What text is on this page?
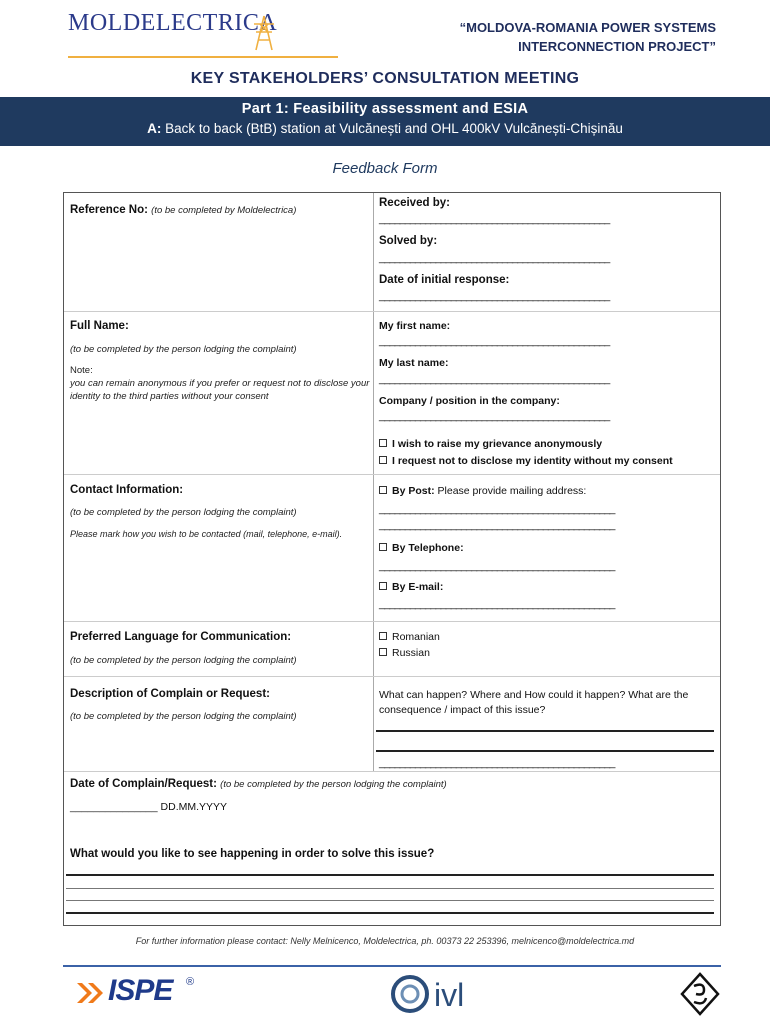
MOLDELECTRICA	“MOLDOVA-ROMANIA POWER SYSTEMS
INTERCONNECTION PROJECT”
KEY STAKEHOLDERS’ CONSULTATION MEETING
Part 1: Feasibility assessment and ESIA
A: Back to back (BtB) station at Vulcănești and OHL 400kV Vulcănești-Chișinău
Feedback Form
Reference No: (to be completed by Moldelectrica)
Received by:
_____________________________________________
Solved by:
_____________________________________________
Date of initial response:
_____________________________________________
Full Name:
(to be completed by the person lodging the complaint)
Note:
you can remain anonymous if you prefer or request not to disclose your identity to the third parties without your consent
My first name:
_____________________________________________
My last name:
_____________________________________________
Company / position in the company:
_____________________________________________
I wish to raise my grievance anonymously
I request not to disclose my identity without my consent
Contact Information:
(to be completed by the person lodging the complaint)
Please mark how you wish to be contacted (mail, telephone, e-mail).
By Post: Please provide mailing address:
______________________________________________
______________________________________________
By Telephone:
______________________________________________
By E-mail:
______________________________________________
Preferred Language for Communication:
(to be completed by the person lodging the complaint)
Romanian
Russian
Description of Complain or Request:
(to be completed by the person lodging the complaint)
What can happen? Where and How could it happen? What are the consequence / impact of this issue?
______________________________________________
Date of Complain/Request: (to be completed by the person lodging the complaint)
_______________ DD.MM.YYYY
What would you like to see happening in order to solve this issue?
For further information please contact: Nelly Melnicenco, Moldelectrica, ph. 00373 22 253396, melnicenco@moldelectrica.md
ISPE ®	ivl
